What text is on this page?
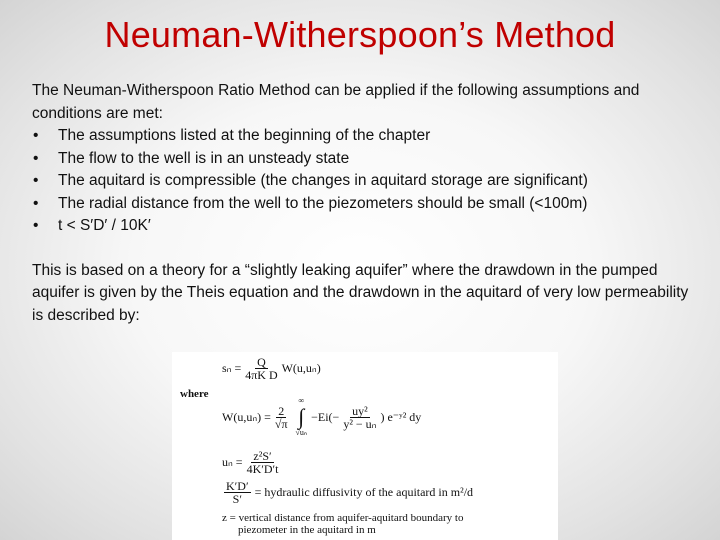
Neuman-Witherspoon’s Method

The Neuman-Witherspoon Ratio Method can be applied if the following assumptions and conditions are met:

• The assumptions listed at the beginning of the chapter
• The flow to the well is in an unsteady state
• The aquitard is compressible (the changes in aquitard storage are significant)
• The radial distance from the well to the piezometers should be small (<100m)
• t < S′D′ / 10K′

This is based on a theory for a “slightly leaking aquifer” where the drawdown in the pumped aquifer is given by the Theis equation and the drawdown in the aquitard of very low permeability is described by:

$s_n = \frac{Q}{\text{4πK D}} W(u,u_n)$
where
$W(u,u_n) = \frac{2}{√\pi}$
∞
∫
√uₙ
$-Ei(- \frac{\text{uy²}}{\text{y² − uₙ}}$ ) e⁻ʸ² dy
$u_n = \frac{\text{z²S′}}{4K'D't}$
$\frac{K'D'}{S'}$ = hydraulic diffusivity of the aquitard in m²/d
z = vertical distance from aquifer-aquitard boundary to
piezometer in the aquitard in m
